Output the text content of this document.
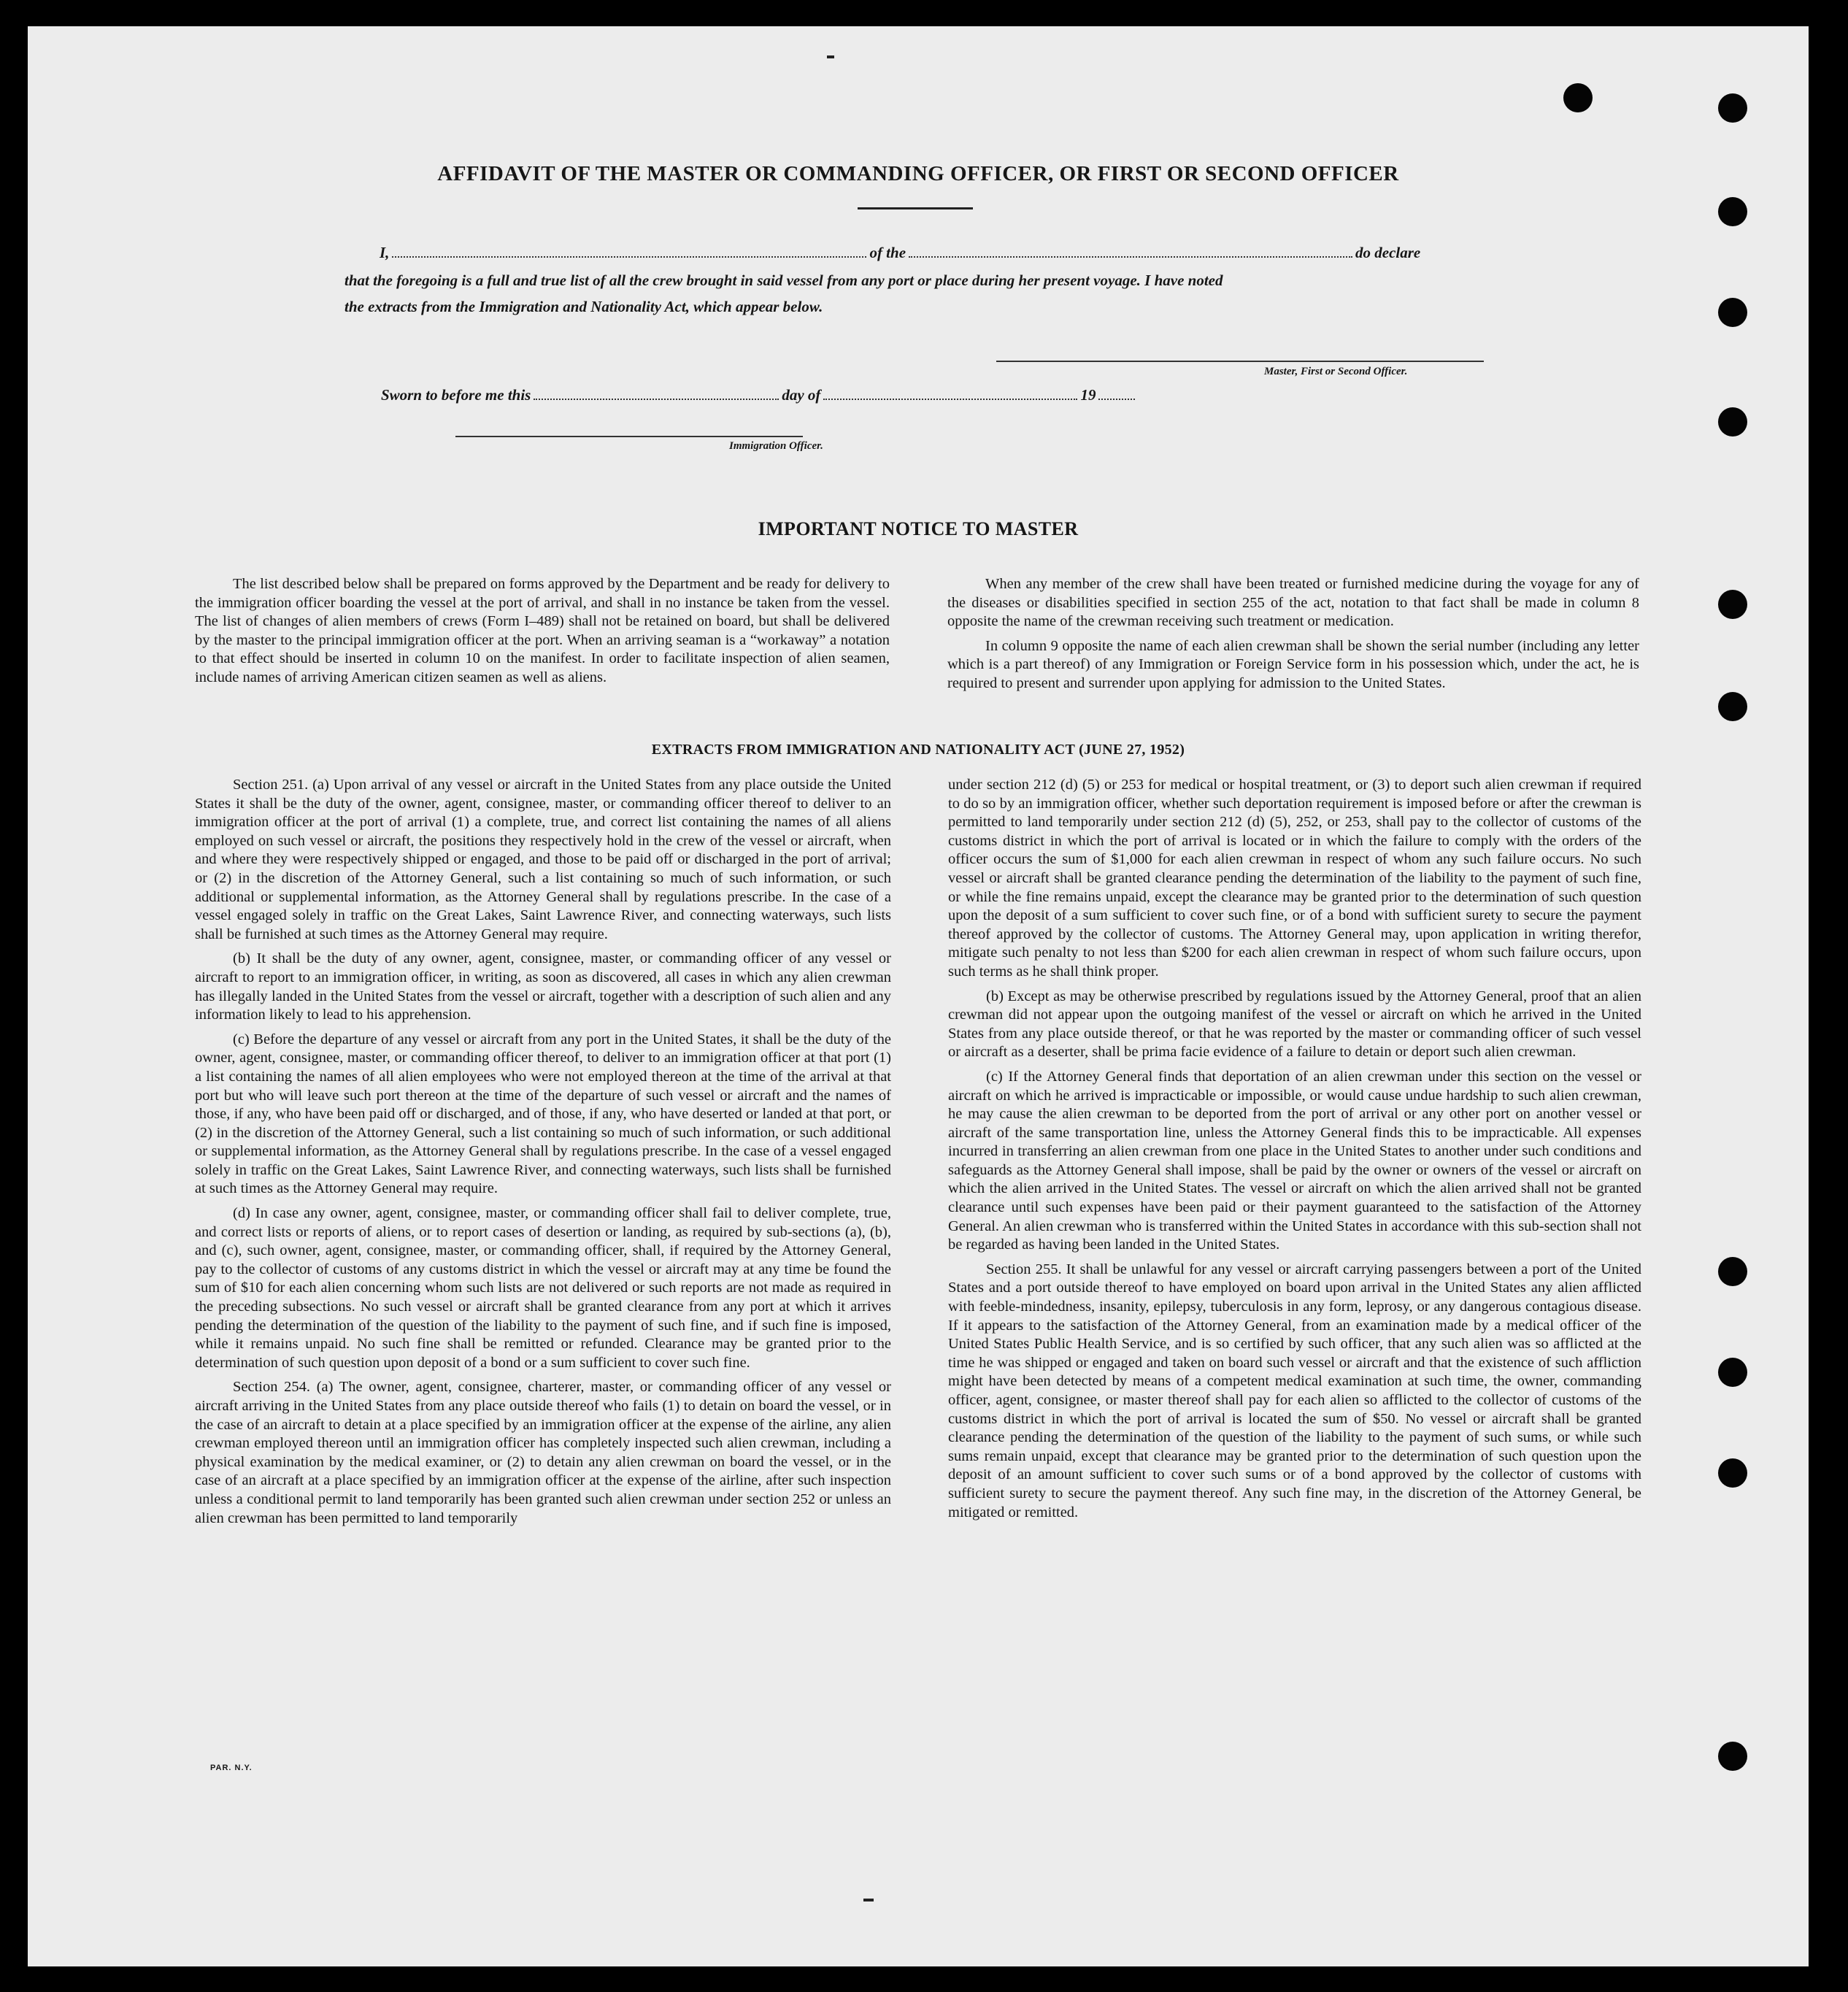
AFFIDAVIT OF THE MASTER OR COMMANDING OFFICER, OR FIRST OR SECOND OFFICER
I,	of the	do declare
that the foregoing is a full and true list of all the crew brought in said vessel from any port or place during her present voyage. I have noted
the extracts from the Immigration and Nationality Act, which appear below.
Master, First or Second Officer.
Sworn to before me this	day of	19
Immigration Officer.
IMPORTANT NOTICE TO MASTER

The list described below shall be prepared on forms approved by the Department and be ready for delivery to the immigration officer boarding the vessel at the port of arrival, and shall in no instance be taken from the vessel. The list of changes of alien members of crews (Form I–489) shall not be retained on board, but shall be delivered by the master to the principal immigration officer at the port. When an arriving seaman is a “workaway” a notation to that effect should be inserted in column 10 on the manifest. In order to facilitate inspection of alien seamen, include names of arriving American citizen seamen as well as aliens.

When any member of the crew shall have been treated or furnished medicine during the voyage for any of the diseases or disabilities specified in section 255 of the act, notation to that fact shall be made in column 8 opposite the name of the crewman receiving such treatment or medication.

In column 9 opposite the name of each alien crewman shall be shown the serial number (including any letter which is a part thereof) of any Immigration or Foreign Service form in his possession which, under the act, he is required to present and surrender upon applying for admission to the United States.

EXTRACTS FROM IMMIGRATION AND NATIONALITY ACT (JUNE 27, 1952)

Section 251. (a) Upon arrival of any vessel or aircraft in the United States from any place outside the United States it shall be the duty of the owner, agent, consignee, master, or commanding officer thereof to deliver to an immigration officer at the port of arrival (1) a complete, true, and correct list containing the names of all aliens employed on such vessel or aircraft, the positions they respectively hold in the crew of the vessel or aircraft, when and where they were respectively shipped or engaged, and those to be paid off or discharged in the port of arrival; or (2) in the discretion of the Attorney General, such a list containing so much of such information, or such additional or supplemental information, as the Attorney General shall by regulations prescribe. In the case of a vessel engaged solely in traffic on the Great Lakes, Saint Lawrence River, and connecting waterways, such lists shall be furnished at such times as the Attorney General may require.

(b) It shall be the duty of any owner, agent, consignee, master, or commanding officer of any vessel or aircraft to report to an immigration officer, in writing, as soon as discovered, all cases in which any alien crewman has illegally landed in the United States from the vessel or aircraft, together with a description of such alien and any information likely to lead to his apprehension.

(c) Before the departure of any vessel or aircraft from any port in the United States, it shall be the duty of the owner, agent, consignee, master, or commanding officer thereof, to deliver to an immigration officer at that port (1) a list containing the names of all alien employees who were not employed thereon at the time of the arrival at that port but who will leave such port thereon at the time of the departure of such vessel or aircraft and the names of those, if any, who have been paid off or discharged, and of those, if any, who have deserted or landed at that port, or (2) in the discretion of the Attorney General, such a list containing so much of such information, or such additional or supplemental information, as the Attorney General shall by regulations prescribe. In the case of a vessel engaged solely in traffic on the Great Lakes, Saint Lawrence River, and connecting waterways, such lists shall be furnished at such times as the Attorney General may require.

(d) In case any owner, agent, consignee, master, or commanding officer shall fail to deliver complete, true, and correct lists or reports of aliens, or to report cases of desertion or landing, as required by sub-sections (a), (b), and (c), such owner, agent, consignee, master, or commanding officer, shall, if required by the Attorney General, pay to the collector of customs of any customs district in which the vessel or aircraft may at any time be found the sum of $10 for each alien concerning whom such lists are not delivered or such reports are not made as required in the preceding subsections. No such vessel or aircraft shall be granted clearance from any port at which it arrives pending the determination of the question of the liability to the payment of such fine, and if such fine is imposed, while it remains unpaid. No such fine shall be remitted or refunded. Clearance may be granted prior to the determination of such question upon deposit of a bond or a sum sufficient to cover such fine.

Section 254. (a) The owner, agent, consignee, charterer, master, or commanding officer of any vessel or aircraft arriving in the United States from any place outside thereof who fails (1) to detain on board the vessel, or in the case of an aircraft to detain at a place specified by an immigration officer at the expense of the airline, any alien crewman employed thereon until an immigration officer has completely inspected such alien crewman, including a physical examination by the medical examiner, or (2) to detain any alien crewman on board the vessel, or in the case of an aircraft at a place specified by an immigration officer at the expense of the airline, after such inspection unless a conditional permit to land temporarily has been granted such alien crewman under section 252 or unless an alien crewman has been permitted to land temporarily

under section 212 (d) (5) or 253 for medical or hospital treatment, or (3) to deport such alien crewman if required to do so by an immigration officer, whether such deportation requirement is imposed before or after the crewman is permitted to land temporarily under section 212 (d) (5), 252, or 253, shall pay to the collector of customs of the customs district in which the port of arrival is located or in which the failure to comply with the orders of the officer occurs the sum of $1,000 for each alien crewman in respect of whom any such failure occurs. No such vessel or aircraft shall be granted clearance pending the determination of the liability to the payment of such fine, or while the fine remains unpaid, except the clearance may be granted prior to the determination of such question upon the deposit of a sum sufficient to cover such fine, or of a bond with sufficient surety to secure the payment thereof approved by the collector of customs. The Attorney General may, upon application in writing therefor, mitigate such penalty to not less than $200 for each alien crewman in respect of whom such failure occurs, upon such terms as he shall think proper.

(b) Except as may be otherwise prescribed by regulations issued by the Attorney General, proof that an alien crewman did not appear upon the outgoing manifest of the vessel or aircraft on which he arrived in the United States from any place outside thereof, or that he was reported by the master or commanding officer of such vessel or aircraft as a deserter, shall be prima facie evidence of a failure to detain or deport such alien crewman.

(c) If the Attorney General finds that deportation of an alien crewman under this section on the vessel or aircraft on which he arrived is impracticable or impossible, or would cause undue hardship to such alien crewman, he may cause the alien crewman to be deported from the port of arrival or any other port on another vessel or aircraft of the same transportation line, unless the Attorney General finds this to be impracticable. All expenses incurred in transferring an alien crewman from one place in the United States to another under such conditions and safeguards as the Attorney General shall impose, shall be paid by the owner or owners of the vessel or aircraft on which the alien arrived in the United States. The vessel or aircraft on which the alien arrived shall not be granted clearance until such expenses have been paid or their payment guaranteed to the satisfaction of the Attorney General. An alien crewman who is transferred within the United States in accordance with this sub-section shall not be regarded as having been landed in the United States.

Section 255. It shall be unlawful for any vessel or aircraft carrying passengers between a port of the United States and a port outside thereof to have employed on board upon arrival in the United States any alien afflicted with feeble-mindedness, insanity, epilepsy, tuberculosis in any form, leprosy, or any dangerous contagious disease. If it appears to the satisfaction of the Attorney General, from an examination made by a medical officer of the United States Public Health Service, and is so certified by such officer, that any such alien was so afflicted at the time he was shipped or engaged and taken on board such vessel or aircraft and that the existence of such affliction might have been detected by means of a competent medical examination at such time, the owner, commanding officer, agent, consignee, or master thereof shall pay for each alien so afflicted to the collector of customs of the customs district in which the port of arrival is located the sum of $50. No vessel or aircraft shall be granted clearance pending the determination of the question of the liability to the payment of such sums, or while such sums remain unpaid, except that clearance may be granted prior to the determination of such question upon the deposit of an amount sufficient to cover such sums or of a bond approved by the collector of customs with sufficient surety to secure the payment thereof. Any such fine may, in the discretion of the Attorney General, be mitigated or remitted.

PAR. N.Y.
